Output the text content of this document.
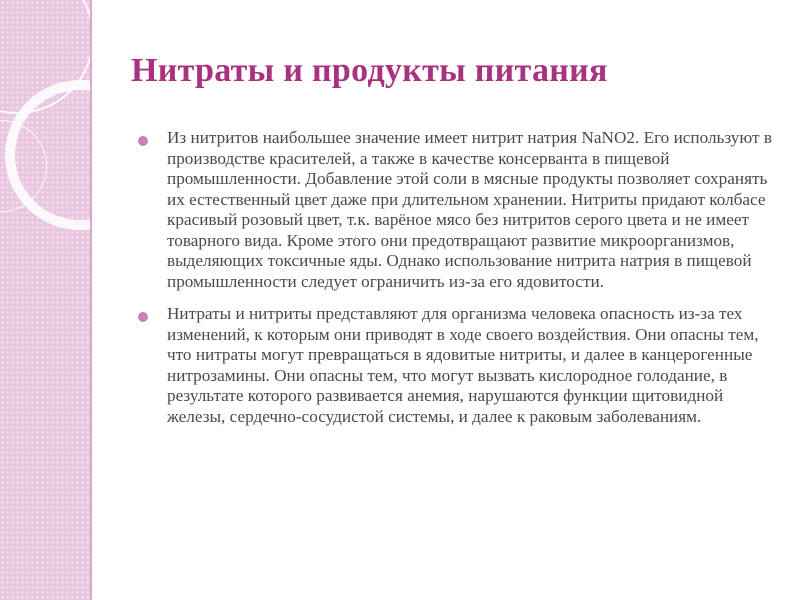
Нитраты и продукты питания
Из нитритов наибольшее значение имеет нитрит натрия NaNO2. Его используют в производстве красителей, а также в качестве консерванта в пищевой промышленности. Добавление этой соли в мясные продукты позволяет сохранять их естественный цвет даже при длительном хранении. Нитриты придают колбасе красивый розовый цвет, т.к. варёное мясо без нитритов серого цвета и не имеет товарного вида. Кроме этого они предотвращают развитие микроорганизмов, выделяющих токсичные яды. Однако использование нитрита натрия в пищевой промышленности следует ограничить из-за его ядовитости.
Нитраты и нитриты представляют для организма человека опасность из-за тех изменений, к которым они приводят в ходе своего воздействия. Они опасны тем, что нитраты могут превращаться в ядовитые нитриты, и далее в канцерогенные нитрозамины. Они опасны тем, что могут вызвать кислородное голодание, в результате которого развивается анемия, нарушаются функции щитовидной железы, сердечно-сосудистой системы, и далее к раковым заболеваниям.
